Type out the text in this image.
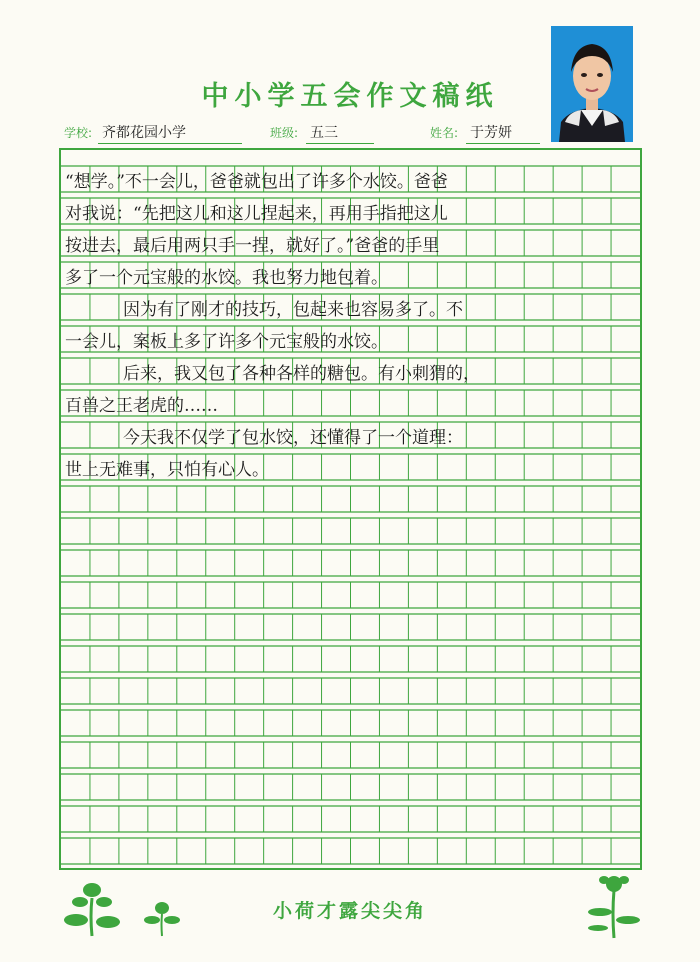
中小学五会作文稿纸
学校: 齐都花园小学	班级: 五三	姓名: 于芳妍
“想学。”不一会儿，爸爸就包出了许多个水饺。爸爸
对我说：“先把这儿和这儿捏起来，再用手指把这儿
按进去，最后用两只手一捏，就好了。”爸爸的手里
多了一个元宝般的水饺。我也努力地包着。
因为有了刚才的技巧，包起来也容易多了。不
一会儿，案板上多了许多个元宝般的水饺。
后来，我又包了各种各样的糖包。有小刺猬的，
百兽之王老虎的……
今天我不仅学了包水饺，还懂得了一个道理：
世上无难事，只怕有心人。
小荷才露尖尖角
